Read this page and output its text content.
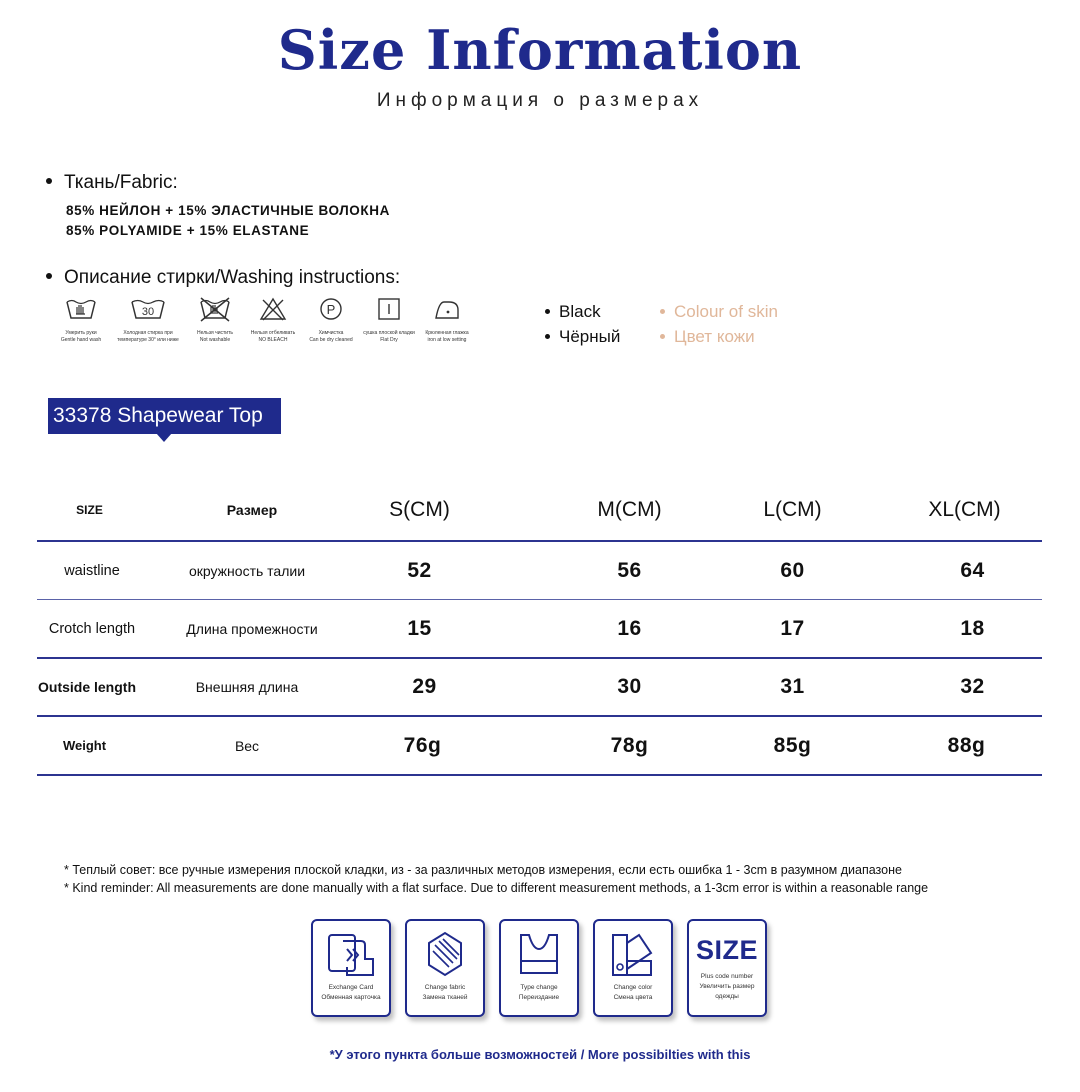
Size Information
Информация о размерах
Ткань/Fabric:
85% НЕЙЛОН + 15% ЭЛАСТИЧНЫЕ ВОЛОКНА
85% POLYAMIDE + 15% ELASTANE
Описание стирки/Washing instructions:
Умерить руки
Gentle hand wash
30
Холодная стирка при
температуре 30° или ниже
Нельзя чистить
Not washable
Нельзя отбеливать
NO BLEACH
P
Химчистка
Can be dry cleaned
сушка плоской кладки
Flat Dry
Крюленная глажка
iron at low setting
Black
Чёрный
Colour of skin
Цвет кожи
33378 Shapewear Top
SIZE	Размер	S(CM)	M(CM)	L(CM)	XL(CM)
waistline	окружность талии	52	56	60	64
Crotch length	Длина промежности	15	16	17	18
Outside length	Внешняя длина	29	30	31	32
Weight	Вес	76g	78g	85g	88g
* Теплый совет: все ручные измерения плоской кладки, из - за различных методов измерения, если есть ошибка 1 - 3cm в разумном диапазоне
* Kind reminder: All measurements are done manually with a flat surface. Due to different measurement methods, a 1-3cm error is within a reasonable range
Exchange Card
Обменная карточка
Change fabric
Замена тканей
Type change
Переиздание
Change color
Смена цвета
SIZE
Plus code number
Увеличить размер
одежды
*У этого пункта больше возможностей / More possibilties with this
